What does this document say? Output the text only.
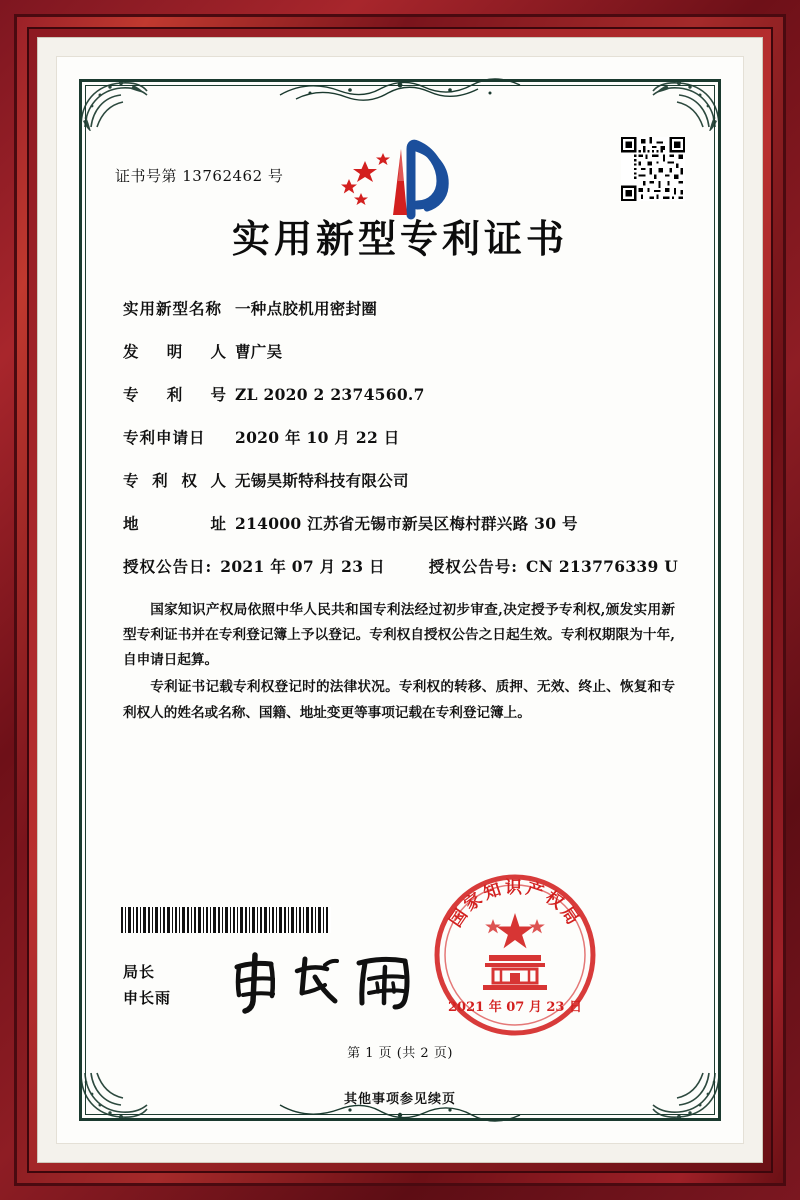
证书号第 13762462 号
实用新型专利证书
实用新型名称 一种点胶机用密封圈
发明人 曹广吴
专利号 ZL 2020 2 2374560.7
专利申请日	2020 年 10 月 22 日
专利权人 无锡昊斯特科技有限公司
地址 214000 江苏省无锡市新吴区梅村群兴路 30 号
授权公告日: 2021 年 07 月 23 日	授权公告号: CN 213776339 U

国家知识产权局依照中华人民共和国专利法经过初步审查,决定授予专利权,颁发实用新型专利证书并在专利登记簿上予以登记。专利权自授权公告之日起生效。专利权期限为十年,自申请日起算。

专利证书记载专利权登记时的法律状况。专利权的转移、质押、无效、终止、恢复和专利权人的姓名或名称、国籍、地址变更等事项记载在专利登记簿上。

局长
申长雨
国家知识产权局
2021 年 07 月 23 日
第 1 页 (共 2 页)
其他事项参见续页
